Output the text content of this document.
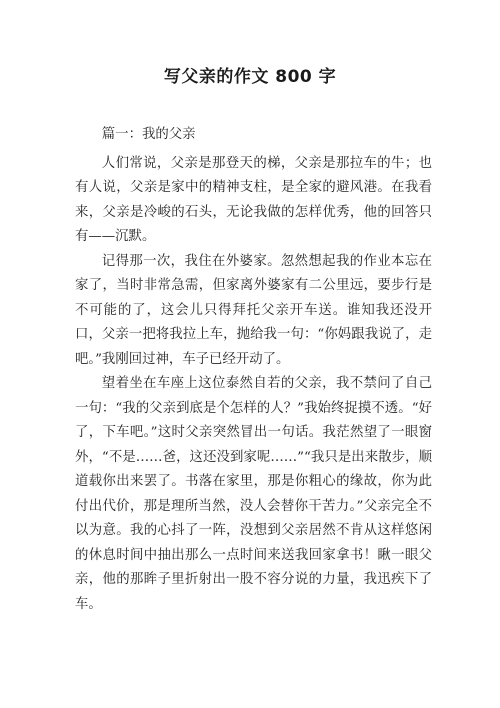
写父亲的作文 800 字

篇一：我的父亲

人们常说，父亲是那登天的梯，父亲是那拉车的牛；也有人说，父亲是家中的精神支柱，是全家的避风港。在我看来，父亲是冷峻的石头，无论我做的怎样优秀，他的回答只有——沉默。

记得那一次，我住在外婆家。忽然想起我的作业本忘在家了，当时非常急需，但家离外婆家有二公里远，要步行是不可能的了，这会儿只得拜托父亲开车送。谁知我还没开口，父亲一把将我拉上车，抛给我一句：“你妈跟我说了，走吧。”我刚回过神，车子已经开动了。

望着坐在车座上这位泰然自若的父亲，我不禁问了自己一句：“我的父亲到底是个怎样的人？”我始终捉摸不透。“好了，下车吧。”这时父亲突然冒出一句话。我茫然望了一眼窗外，“不是……爸，这还没到家呢……”“我只是出来散步，顺道载你出来罢了。书落在家里，那是你粗心的缘故，你为此付出代价，那是理所当然，没人会替你干苦力。”父亲完全不以为意。我的心抖了一阵，没想到父亲居然不肯从这样悠闲的休息时间中抽出那么一点时间来送我回家拿书！瞅一眼父亲，他的那眸子里折射出一股不容分说的力量，我迅疾下了车。
